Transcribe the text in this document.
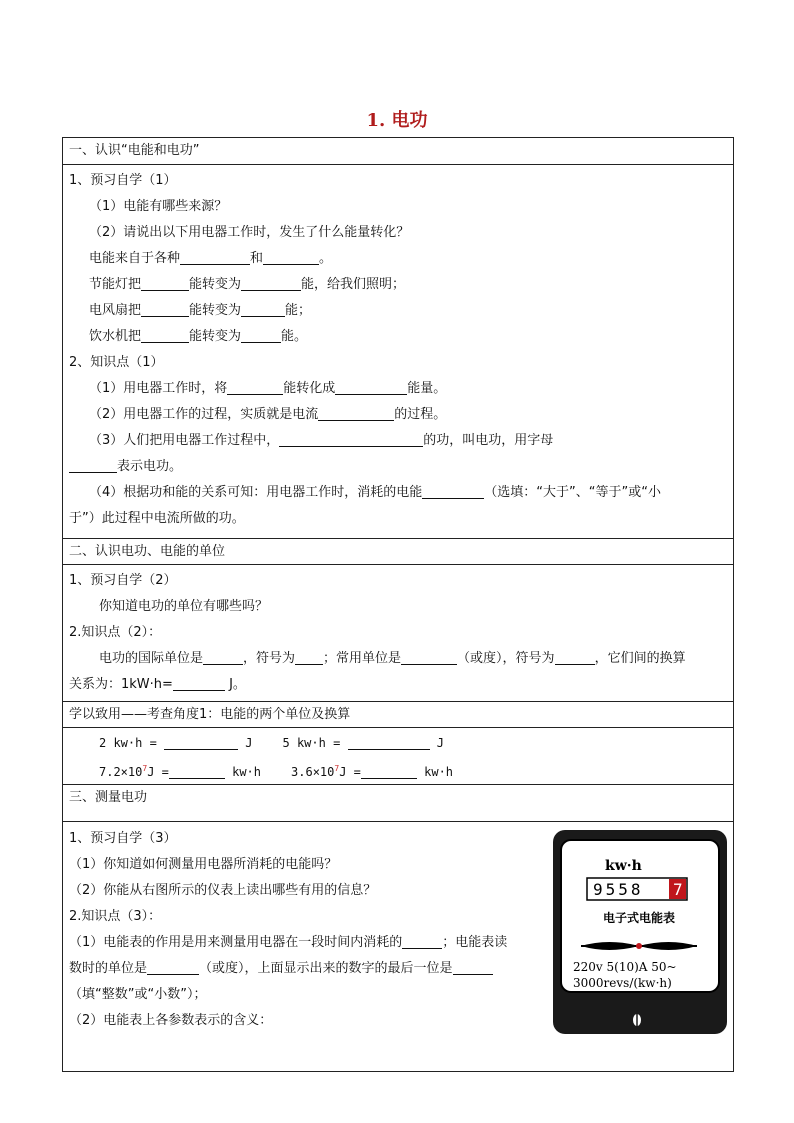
1. 电功
一、认识“电能和电功”
1、预习自学（1）
（1）电能有哪些来源？
（2）请说出以下用电器工作时，发生了什么能量转化？
电能来自于各种	和	。
节能灯把	能转变为	能，给我们照明；
电风扇把	能转变为	能；
饮水机把	能转变为	能。
2、知识点（1）
（1）用电器工作时，将	能转化成	能量。
（2）用电器工作的过程，实质就是电流	的过程。
（3）人们把用电器工作过程中，	的功，叫电功，用字母
表示电功。
（4）根据功和能的关系可知：用电器工作时，消耗的电能	（选填：“大于”、“等于”或“小
于”）此过程中电流所做的功。
二、认识电功、电能的单位
1、预习自学（2）
你知道电功的单位有哪些吗？
2.知识点（2）：
电功的国际单位是	，符号为 ；常用单位是	（或度），符号为	，它们间的换算
关系为：1kW·h=	J。
学以致用——考查角度1：电能的两个单位及换算
2 kw·h =	J	5 kw·h =	J
$7.2\times 10^7J$ =	kw·h	$3.6\times 10^7J$ =	kw·h
三、测量电功
1、预习自学（3）
（1）你知道如何测量用电器所消耗的电能吗？
（2）你能从右图所示的仪表上读出哪些有用的信息？
2.知识点（3）：
（1）电能表的作用是用来测量用电器在一段时间内消耗的	；电能表读
数时的单位是	（或度），上面显示出来的数字的最后一位是
（填“整数”或“小数”）；
（2）电能表上各参数表示的含义：
kw·h
9558 7
电子式电能表
220v 5(10)A 50~
3000revs/(kw·h)
